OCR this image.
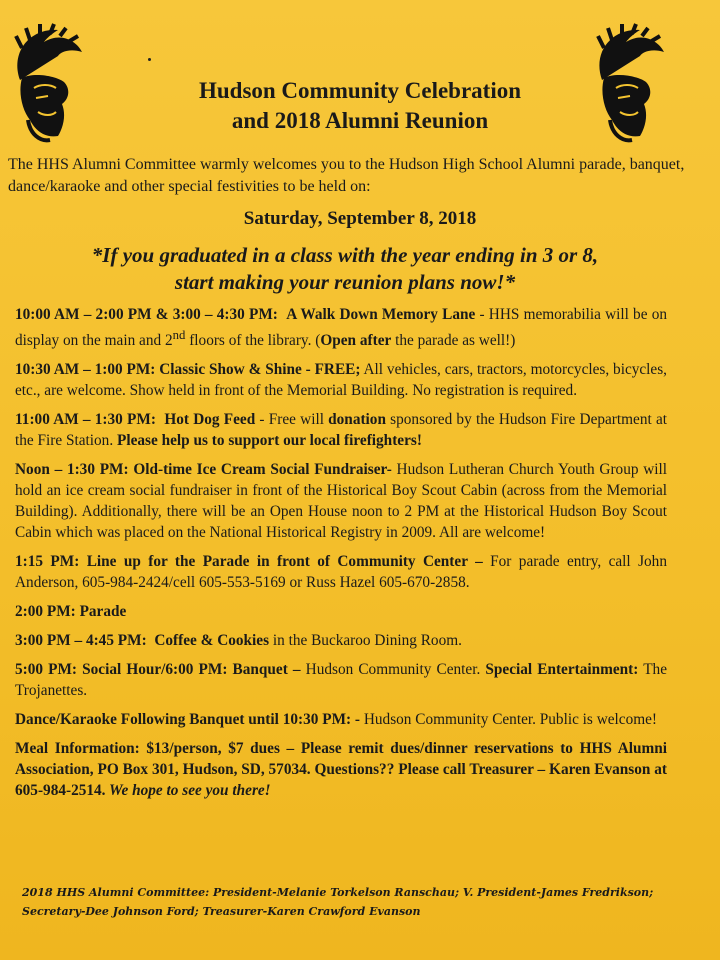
Hudson Community Celebration
and 2018 Alumni Reunion
The HHS Alumni Committee warmly welcomes you to the Hudson High School Alumni parade, banquet, dance/karaoke and other special festivities to be held on:
Saturday, September 8, 2018
*If you graduated in a class with the year ending in 3 or 8,
start making your reunion plans now!*
10:00 AM – 2:00 PM & 3:00 – 4:30 PM: A Walk Down Memory Lane - HHS memorabilia will be on display on the main and 2nd floors of the library. (Open after the parade as well!)
10:30 AM – 1:00 PM: Classic Show & Shine - FREE; All vehicles, cars, tractors, motorcycles, bicycles, etc., are welcome. Show held in front of the Memorial Building. No registration is required.
11:00 AM – 1:30 PM: Hot Dog Feed - Free will donation sponsored by the Hudson Fire Department at the Fire Station. Please help us to support our local firefighters!
Noon – 1:30 PM: Old-time Ice Cream Social Fundraiser- Hudson Lutheran Church Youth Group will hold an ice cream social fundraiser in front of the Historical Boy Scout Cabin (across from the Memorial Building). Additionally, there will be an Open House noon to 2 PM at the Historical Hudson Boy Scout Cabin which was placed on the National Historical Registry in 2009. All are welcome!
1:15 PM: Line up for the Parade in front of Community Center – For parade entry, call John Anderson, 605-984-2424/cell 605-553-5169 or Russ Hazel 605-670-2858.
2:00 PM: Parade
3:00 PM – 4:45 PM: Coffee & Cookies in the Buckaroo Dining Room.
5:00 PM: Social Hour/6:00 PM: Banquet – Hudson Community Center. Special Entertainment: The Trojanettes.
Dance/Karaoke Following Banquet until 10:30 PM: - Hudson Community Center. Public is welcome!
Meal Information: $13/person, $7 dues – Please remit dues/dinner reservations to HHS Alumni Association, PO Box 301, Hudson, SD, 57034. Questions?? Please call Treasurer – Karen Evanson at 605-984-2514. We hope to see you there!
2018 HHS Alumni Committee: President-Melanie Torkelson Ranschau; V. President-James Fredrikson; Secretary-Dee Johnson Ford; Treasurer-Karen Crawford Evanson
